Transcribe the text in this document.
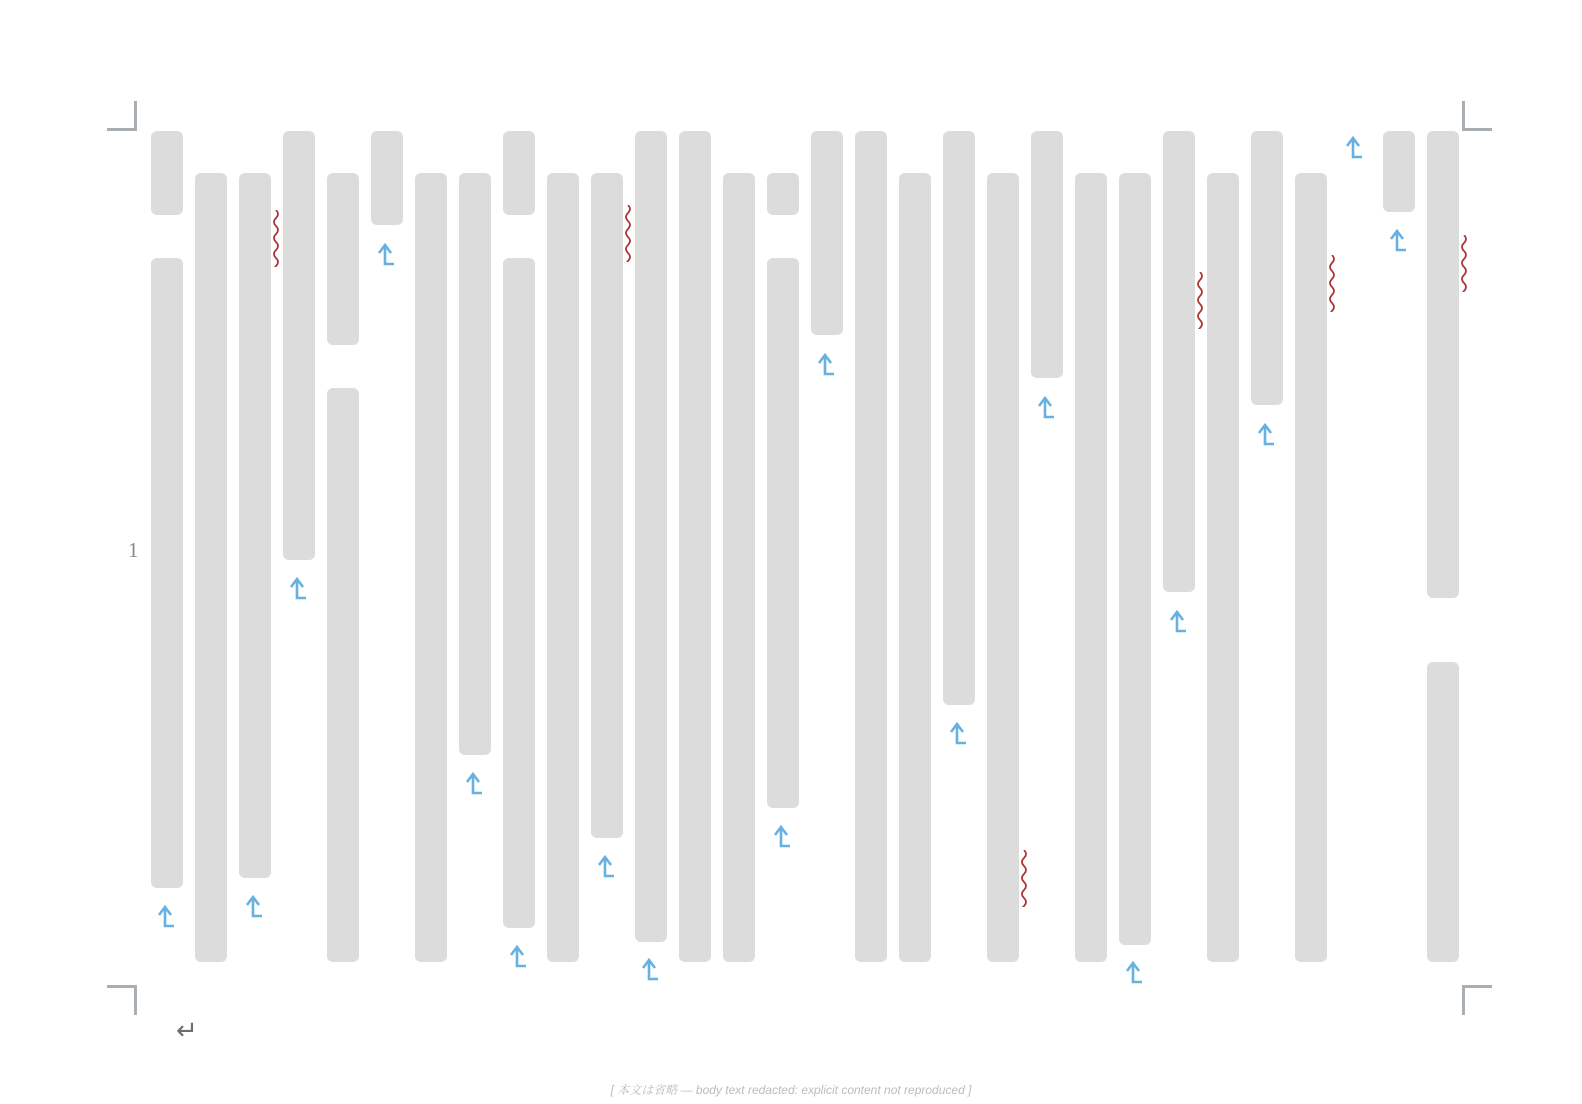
1
↵
[ 本文は省略 — body text redacted: explicit content not reproduced ]
